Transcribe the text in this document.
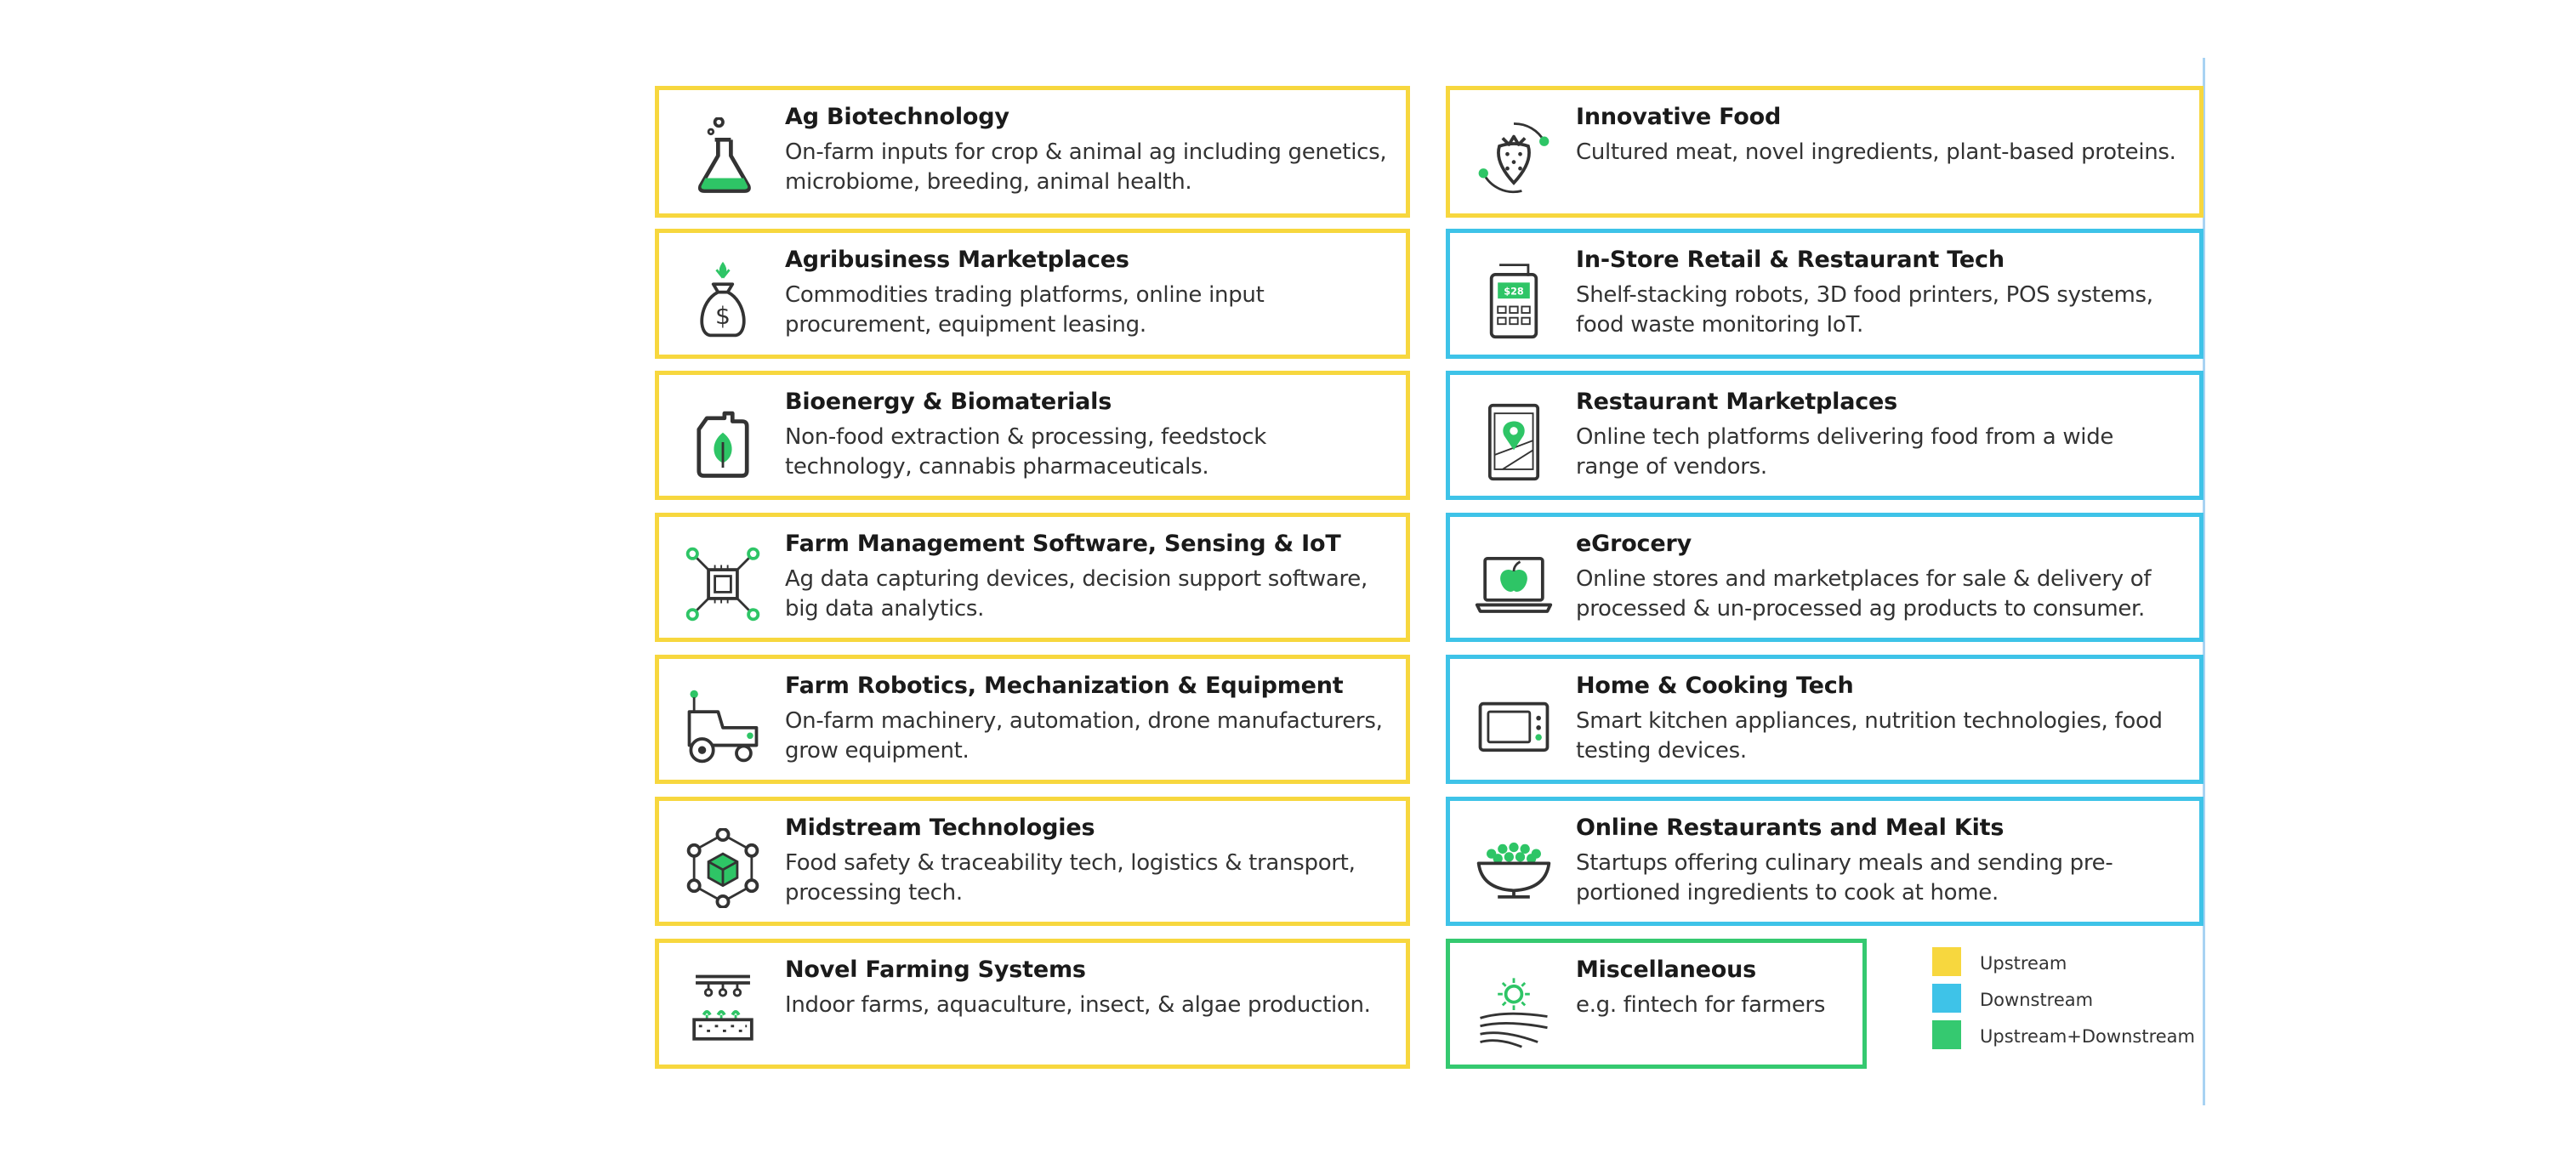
Ag Biotechnology
On-farm inputs for crop & animal ag including genetics, microbiome, breeding, animal health.
$
Agribusiness Marketplaces
Commodities trading platforms, online input procurement, equipment leasing.
Bioenergy & Biomaterials
Non-food extraction & processing, feedstock technology, cannabis pharmaceuticals.
Farm Management Software, Sensing & IoT
Ag data capturing devices, decision support software, big data analytics.
Farm Robotics, Mechanization & Equipment
On-farm machinery, automation, drone manufacturers, grow equipment.
Midstream Technologies
Food safety & traceability tech, logistics & transport, processing tech.
Novel Farming Systems
Indoor farms, aquaculture, insect, & algae production.
Innovative Food
Cultured meat, novel ingredients, plant-based proteins.
$28
In-Store Retail & Restaurant Tech
Shelf-stacking robots, 3D food printers, POS systems, food waste monitoring IoT.
Restaurant Marketplaces
Online tech platforms delivering food from a wide range of vendors.
eGrocery
Online stores and marketplaces for sale & delivery of processed & un-processed ag products to consumer.
Home & Cooking Tech
Smart kitchen appliances, nutrition technologies, food testing devices.
Online Restaurants and Meal Kits
Startups offering culinary meals and sending pre-portioned ingredients to cook at home.
Miscellaneous
e.g. fintech for farmers
Upstream
Downstream
Upstream+Downstream
